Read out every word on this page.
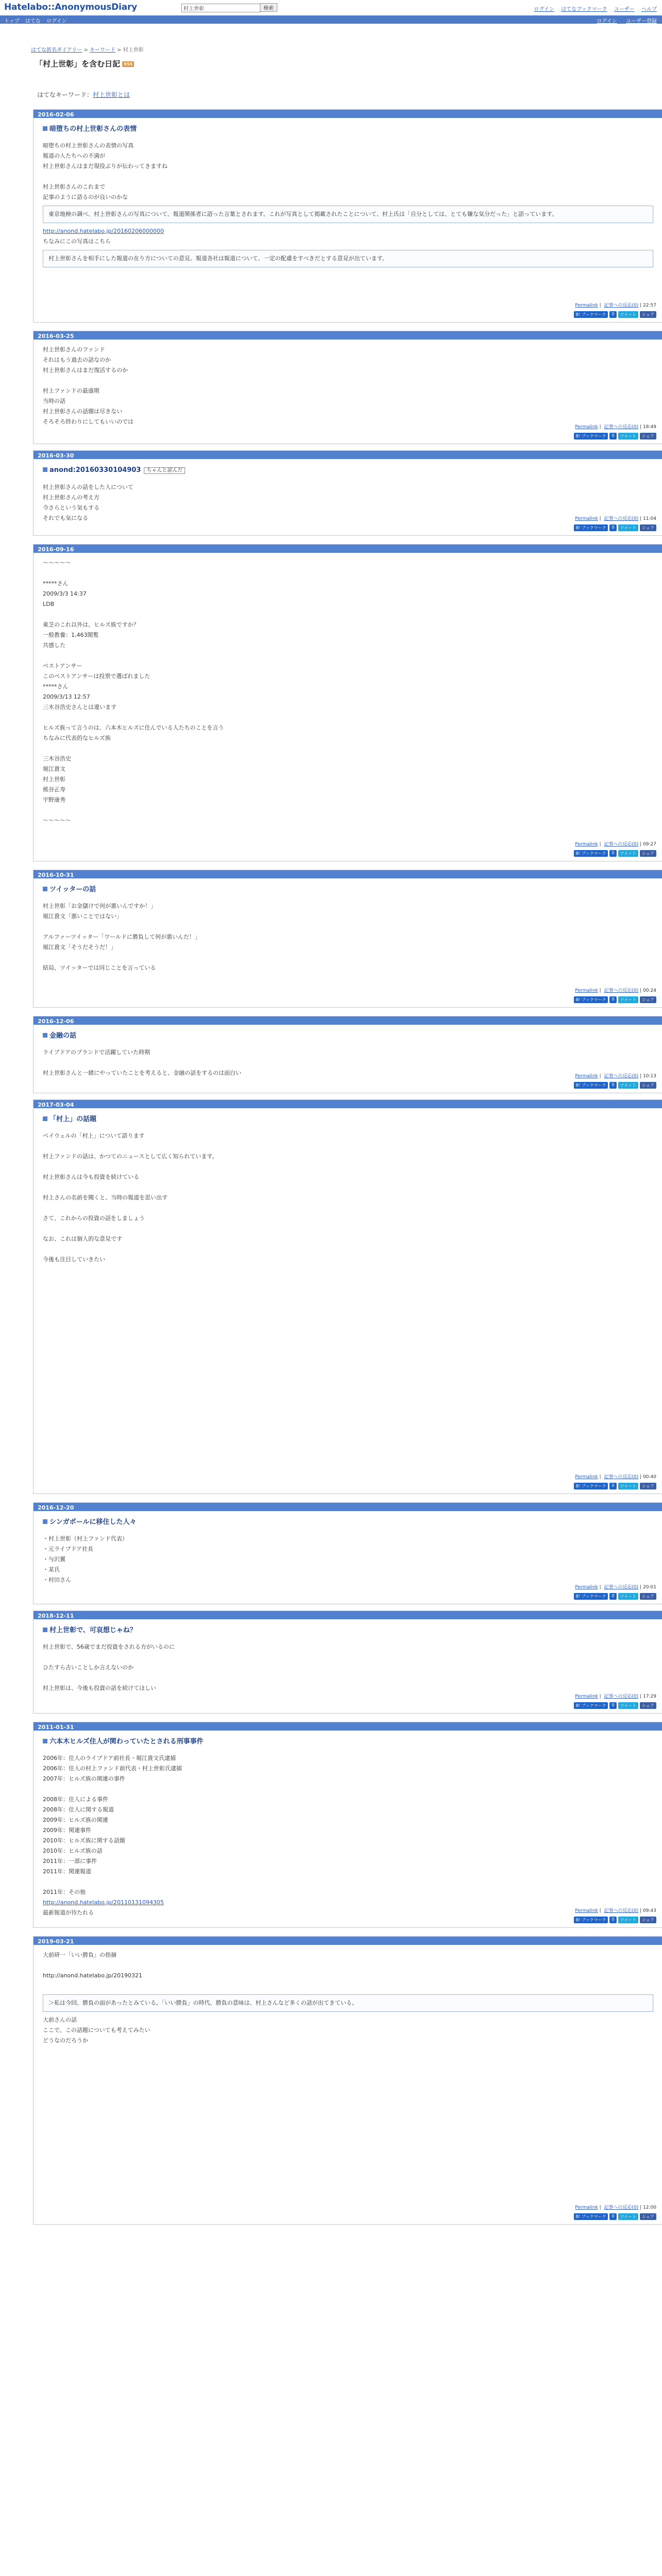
Hatelabo::AnonymousDiary
村上世彰	検索	ログイン はてなブックマーク ユーザー ヘルプ
トップ はてな ログイン	ログイン ユーザー登録
はてな匿名ダイアリー > キーワード > 村上世彰
「村上世彰」を含む日記 RSS
はてなキーワード：村上世彰とは
2016-02-06
暗堕ちの村上世彰さんの表情
暗堕ちの村上世彰さんの表情の写真
報道の人たちへの不満が
村上世彰さんはまだ現役ぶりが伝わってきますね
村上世彰さんのこれまで
記事のように語るのが良いのかな
東京地検の調べ、村上世彰さんの写真について、報道関係者に語った言葉とされます。これが写真として掲載されたことについて、村上氏は「自分としては、とても嫌な気分だった」と語っています。
http://anond.hatelabo.jp/20160206000000
ちなみにこの写真はこちら
村上世彰さんを相手にした報道の在り方についての意見。報道各社は報道について、一定の配慮をすべきだとする意見が出ています。
Permalink | 記事への反応(0) | 22:57
B! ブックマーク 0 ツイート シェア
2016-03-25
村上世彰さんのファンド
それはもう過去の話なのか
村上世彰さんはまだ復活するのか
村上ファンドの最盛期
当時の話
村上世彰さんの話題は尽きない
そろそろ終わりにしてもいいのでは
Permalink | 記事への反応(0) | 18:49
B! ブックマーク 0 ツイート シェア
2016-03-30
anond:20160330104903 ちゃんと読んだ
村上世彰さんの話をした人について
村上世彰さんの考え方
今さらという気もする
それでも気になる	Permalink | 記事への反応(0) | 11:04
B! ブックマーク 0 ツイート シェア
2016-09-16
〜〜〜〜〜
*****さん
2009/3/3 14:37
LDB
東芝のこれ以外は、ヒルズ族ですか？
一般教養：1,463閲覧
共感した
ベストアンサー
このベストアンサーは投票で選ばれました
*****さん
2009/3/13 12:57
三木谷浩史さんとは違います
ヒルズ族って言うのは、六本木ヒルズに住んでいる人たちのことを言う
ちなみに代表的なヒルズ族
三木谷浩史
堀江貴文
村上世彰
熊谷正寿
宇野康秀
〜〜〜〜〜
Permalink | 記事への反応(0) | 09:27
B! ブックマーク 0 ツイート シェア
2016-10-31
ツイッターの話
村上世彰「お金儲けで何が悪いんですか！」
堀江貴文「悪いことではない」
アルファーツイッター「ワールドに勝負して何が悪いんだ！」
堀江貴文「そうだそうだ！」
結局、ツイッターでは同じことを言っている
Permalink | 記事への反応(0) | 00:24
B! ブックマーク 0 ツイート シェア
2016-12-06
金融の話
ライブドアのブランドで活躍していた時期
村上世彰さんと一緒にやっていたことを考えると、金融の話をするのは面白い	Permalink | 記事への反応(0) | 10:13
B! ブックマーク 0 ツイート シェア
2017-03-04
「村上」の話題
ペイウェルの「村上」について語ります
村上ファンドの話は、かつてのニュースとして広く知られています。
村上世彰さんは今も投資を続けている
村上さんの名前を聞くと、当時の報道を思い出す
さて、これからの投資の話をしましょう
なお、これは個人的な意見です
今後も注目していきたい
Permalink | 記事への反応(0) | 00:40
B! ブックマーク 0 ツイート シェア
2016-12-20
シンガポールに移住した人々
・村上世彰（村上ファンド代表）
・元ライブドア社長
・与沢翼
・某氏
・村田さん
Permalink | 記事への反応(0) | 20:01
B! ブックマーク 0 ツイート シェア
2018-12-11
村上世彰で、可哀想じゃね？
村上世彰で、56歳でまだ投資をされる方がいるのに
ひたすら古いことしか言えないのか
村上世彰は、今後も投資の話を続けてほしい
Permalink | 記事への反応(0) | 17:29
B! ブックマーク 0 ツイート シェア
2011-01-31
六本木ヒルズ住人が関わっていたとされる刑事事件
2006年：住人のライブドア前社長・堀江貴文氏逮捕
2006年：住人の村上ファンド前代表・村上世彰氏逮捕
2007年：ヒルズ族の関連の事件
2008年：住人による事件
2008年：住人に関する報道
2009年：ヒルズ族の関連
2009年：関連事件
2010年：ヒルズ族に関する話題
2010年：ヒルズ族の話
2011年：一部に事件
2011年：関連報道
2011年：その他
http://anond.hatelabo.jp/20110131094305
最新報道が待たれる	Permalink | 記事への反応(0) | 09:43
B! ブックマーク 0 ツイート シェア
2019-03-21
大前研一「いい勝負」の指摘
http://anond.hatelabo.jp/20190321
＞私は今回、勝負の面があったとみている。「いい勝負」の時代、勝負の意味は、村上さんなど多くの話が出てきている。
大前さんの話
ここで、この話題についても考えてみたい
どうなのだろうか
Permalink | 記事への反応(0) | 12:00
B! ブックマーク 0 ツイート シェア
